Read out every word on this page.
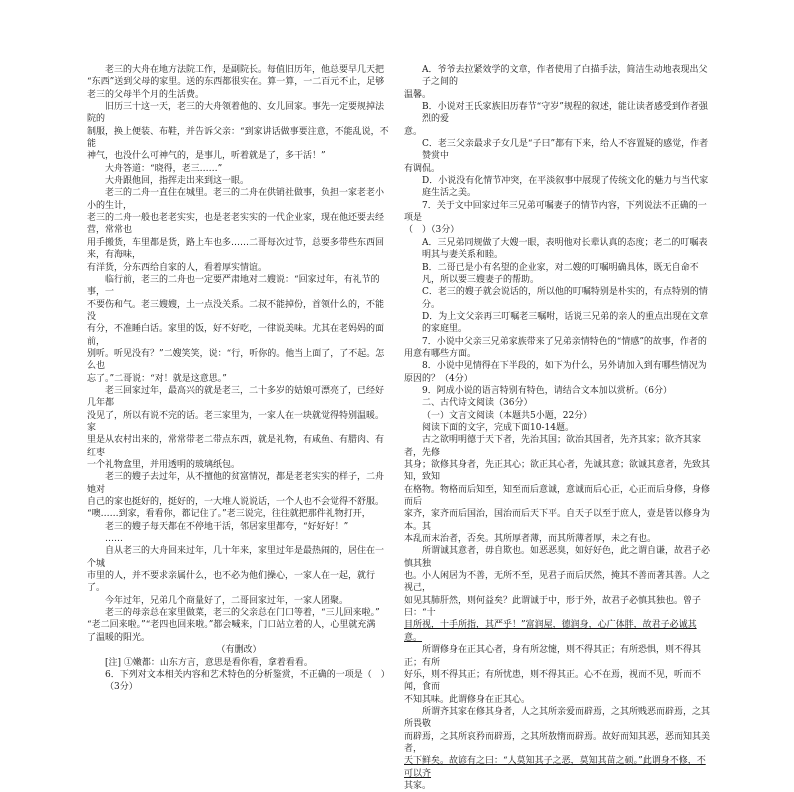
老三的大舟在地方法院工作，是副院长。每值旧历年，他总要早几天把

“东西”送到父母的家里。送的东西都很实在。算一算，一二百元不止，足够

老三的父母半个月的生活费。

旧历三十这一天，老三的大舟领着他的、女儿回家。事先一定要规掉法院的

制服，换上便装、布鞋，并告诉父亲：“到家讲话做事要注意，不能乱说，不能

神气，也没什么可神气的，是事儿，听着就是了，多干活！”

大舟答道：“晓得，老三……”

大舟跟他回，指挥走出来到这一眼。

老三的二舟一直住在城里。老三的二舟在供销社做事，负担一家老老小小的生计，

老三的二舟一般也老老实实，也是老老实实的一代企业家，现在他还要去经营，常常也

用手搬货，车里都是货，路上车也多……二哥每次过节，总要多带些东西回来，有海味，

有洋货，分东西给自家的人，看着厚实情谊。

临行前，老三的二舟也一定要严肃地对二嫂说：“回家过年，有礼节的事，一

不要伤和气。老三嫂嫂，土一点没关系。二叔不能掉份，首领什么的，不能没

有分，不准睡白话。家里的饭，好不好吃，一律说美味。尤其在老妈妈的面前，

别听。听见没有？”二嫂笑笑，说：“行，听你的。他当上面了，了不起。怎么也

忘了。”二哥说：“对！就是这意思。”

老三回家过年，最高兴的就是老三，二十多岁的姑娘可漂亮了，已经好几年都

没见了，所以有说不完的话。老三家里为，一家人在一块就觉得特别温暖。家

里是从农村出来的，常常带老二带点东西，就是礼物，有咸鱼、有腊肉、有红枣

一个礼物盒里，并用透明的玻璃纸包。

老三的嫂子去过年，从不擅他的贫富情况，都是老老实实的样子，二舟她对

自己的家也挺好的，挺好的，一大堆人说说话，一个人也不会觉得不舒服。

“噢……到家，看看你，都记住了。”老三说完，往往就把那件礼物打开，

老三的嫂子每天都在不停地干活，邻居家里都夸，“好好好！”

……

自从老三的大舟回来过年，几十年来，家里过年是最热闹的，居住在一个城

市里的人，并不要求亲属什么，也不必为他们操心，一家人在一起，就行了。

今年过年，兄弟几个商量好了，二哥回家过年，一家人团聚。

老三的母亲总在家里做菜，老三的父亲总在门口等着，“三儿回来啦。”

“老二回来啦。”“老四也回来啦。”都会喊来，门口站立着的人，心里就充满

了温暖的阳光。

（有删改）

[注] ①嫩都：山东方言，意思是看你看，拿着看看。

6．下列对文本相关内容和艺术特色的分析鉴赏，不正确的一项是（　）

（3分）

A．爷爷去拉紧效学的文章，作者使用了白描手法，简洁生动地表现出父子之间的

温馨。

B．小说对王氏家族旧历春节“守岁”规程的叙述，能让读者感受到作者强烈的爱

意。

C．老三父亲最求子女几是“子曰”都有下来，给人不容置疑的感觉，作者赞赏中

有调侃。

D．小说没有化情节冲突，在平淡叙事中展现了传统文化的魅力与当代家庭生活之美。

7．关于文中回家过年三兄弟可嘱妻子的情节内容，下列说法不正确的一项是

（　）（3分）

A．三兄弟同规做了大嫂一眼，表明他对长辈认真的态度；老二的叮嘱表明其与妻关系和睦。

B．二哥已是小有名望的企业家，对二嫂的叮嘱明确具体，既无自命不凡，所以要三嫂妻子的帮助。

C．老三的嫂子就会说话的，所以他的叮嘱特别是朴实的，有点特别的情分。

D．为上文父亲再三叮嘱老三嘱咐，话说三兄弟的亲人的重点出现在文章的家庭里。

7．小说中父亲三兄弟家族带来了兄弟亲情特色的“情感”的故事，作者的用意有哪些方面。

8．小说中见情得在下半段的，如下为什么，另外请加入到有哪些情况为原因的？（4分）

9．阿成小说的语言特别有特色，请结合文本加以赏析。（6分）

二、古代诗文阅读（36分）

（一）文言文阅读（本题共5小题，22分）

阅读下面的文字，完成下面10-14题。

古之欲明明德于天下者，先治其国；欲治其国者，先齐其家；欲齐其家者，先修

其身；欲修其身者，先正其心；欲正其心者，先诚其意；欲诚其意者，先致其知，致知

在格物。物格而后知至，知至而后意诚，意诚而后心正，心正而后身修，身修而后

家齐，家齐而后国治，国治而后天下平。自天子以至于庶人，壹是皆以修身为本。其

本乱而末治者，否矣。其所厚者薄，而其所薄者厚，未之有也。

所谓诚其意者，毋自欺也。如恶恶臭，如好好色，此之谓自谦，故君子必慎其独

也。小人闲居为不善，无所不至，见君子而后厌然，掩其不善而著其善。人之视己，

如见其肺肝然，则何益矣？此谓诚于中，形于外，故君子必慎其独也。曾子曰：“十

目所视，十手所指，其严乎！”富润屋，德润身，心广体胖，故君子必诚其意。

所谓修身在正其心者，身有所忿懥，则不得其正；有所恐惧，则不得其正；有所

好乐，则不得其正；有所忧患，则不得其正。心不在焉，视而不见，听而不闻，食而

不知其味。此谓修身在正其心。

所谓齐其家在修其身者，人之其所亲爱而辟焉，之其所贱恶而辟焉，之其所畏敬

而辟焉，之其所哀矜而辟焉，之其所敖惰而辟焉。故好而知其恶，恶而知其美者，

天下鲜矣。故谚有之曰：“人莫知其子之恶，莫知其苗之硕。”此谓身不修，不可以齐

其家。
